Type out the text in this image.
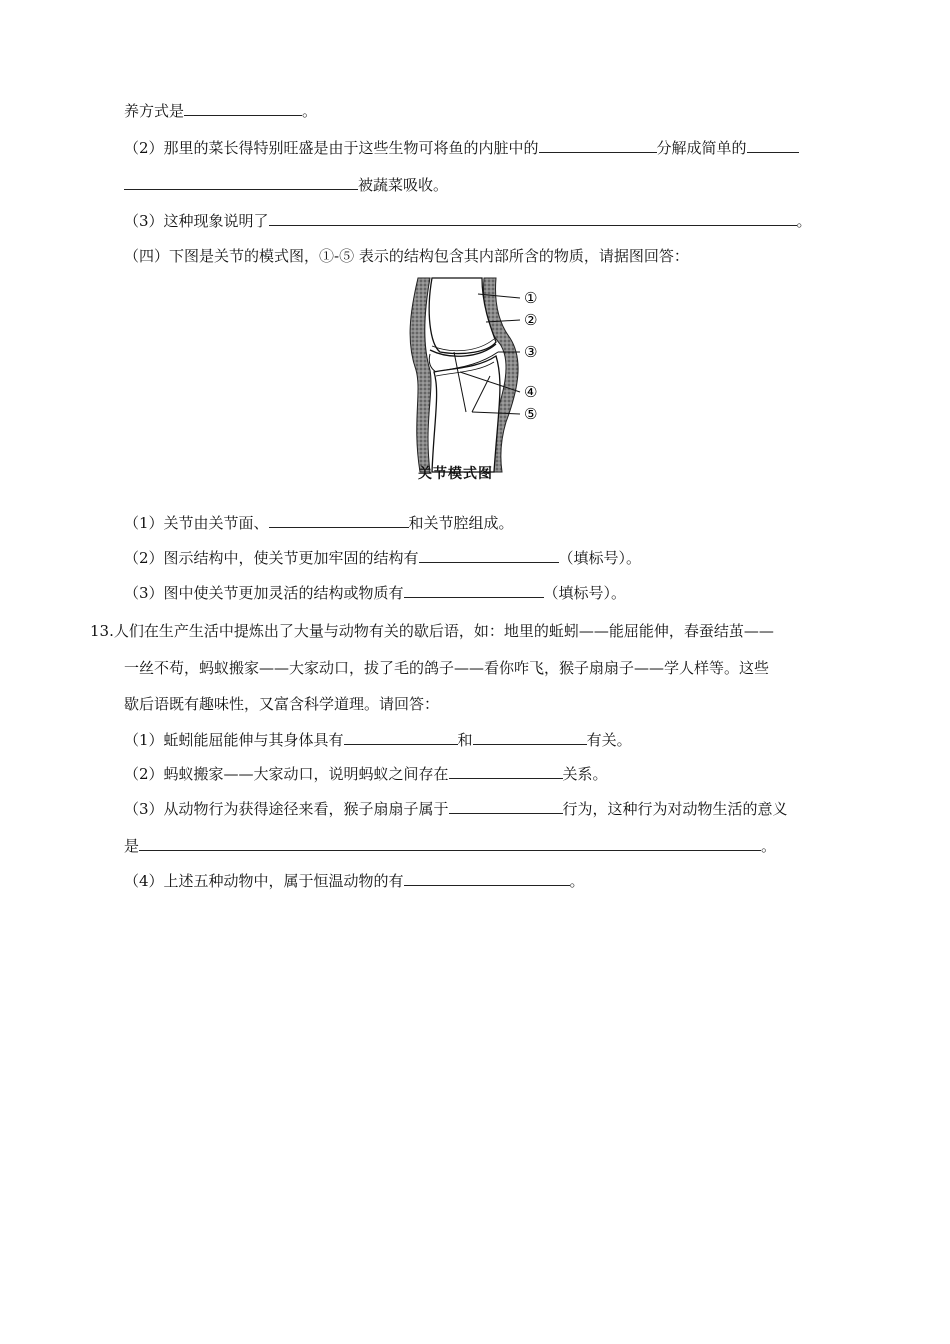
养方式是	。
（2）那里的菜长得特别旺盛是由于这些生物可将鱼的内脏中的	分解成简单的
被蔬菜吸收。
（3）这种现象说明了	。
（四）下图是关节的模式图，①-⑤ 表示的结构包含其内部所含的物质，请据图回答：
①
②
③
④
⑤
关节模式图
（1）关节由关节面、	和关节腔组成。
（2）图示结构中，使关节更加牢固的结构有	（填标号）。
（3）图中使关节更加灵活的结构或物质有	（填标号）。
13.人们在生产生活中提炼出了大量与动物有关的歇后语，如：地里的蚯蚓——能屈能伸，春蚕结茧——
一丝不苟，蚂蚁搬家——大家动口，拔了毛的鸽子——看你咋飞，猴子扇扇子——学人样等。这些
歇后语既有趣味性，又富含科学道理。请回答：
（1）蚯蚓能屈能伸与其身体具有	和	有关。
（2）蚂蚁搬家——大家动口，说明蚂蚁之间存在	关系。
（3）从动物行为获得途径来看，猴子扇扇子属于	行为，这种行为对动物生活的意义
是	。
（4）上述五种动物中，属于恒温动物的有	。
